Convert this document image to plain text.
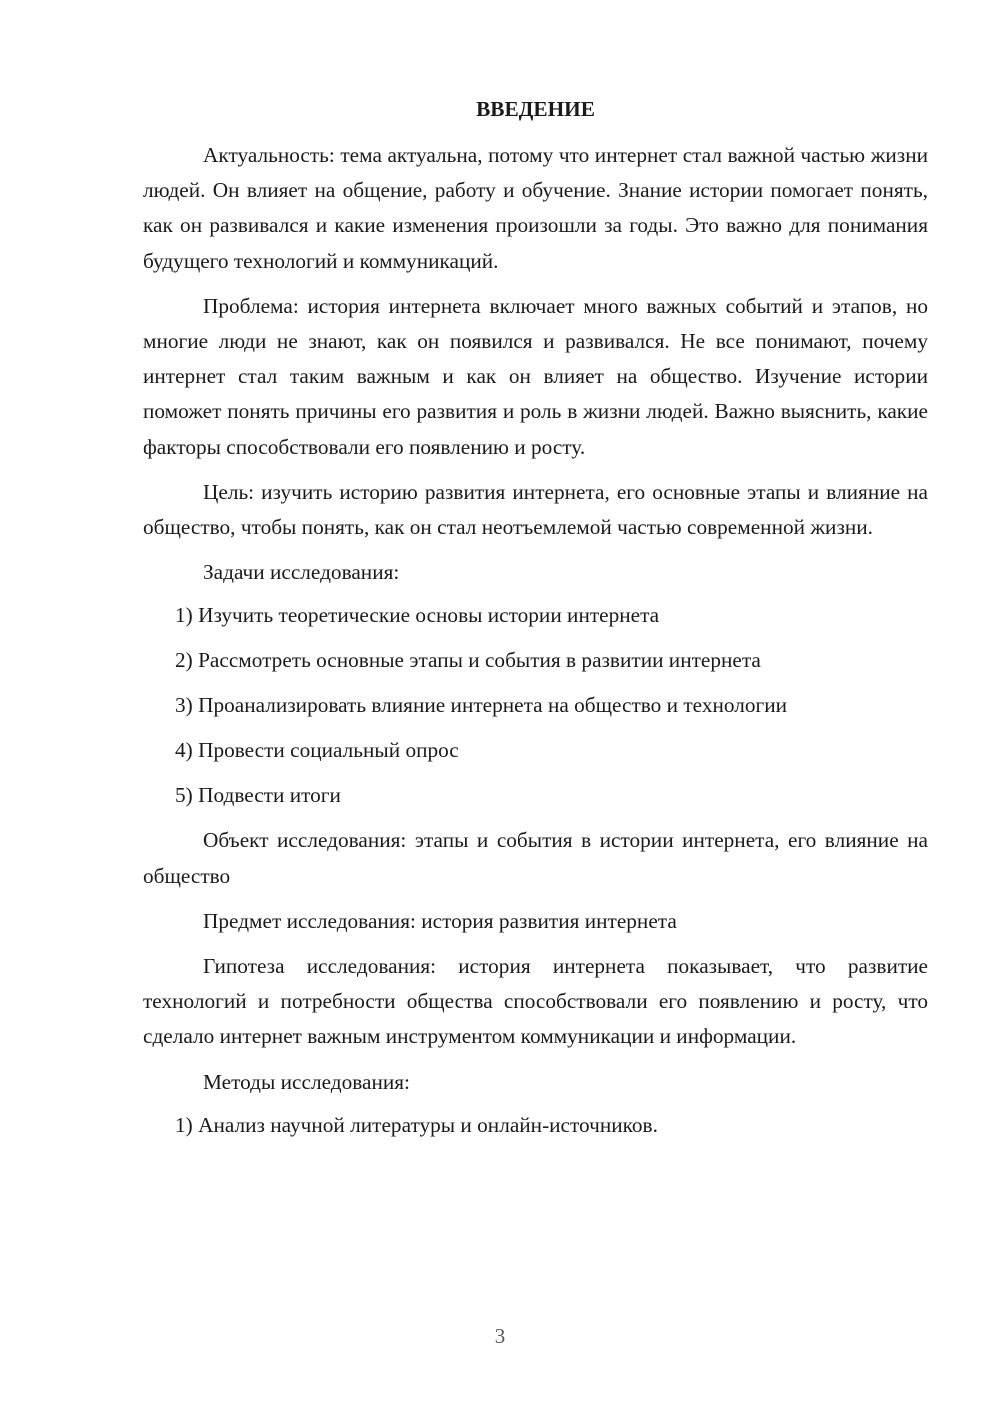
ВВЕДЕНИЕ

Актуальность: тема актуальна, потому что интернет стал важной частью жизни людей. Он влияет на общение, работу и обучение. Знание истории помогает понять, как он развивался и какие изменения произошли за годы. Это важно для понимания будущего технологий и коммуникаций.

Проблема: история интернета включает много важных событий и этапов, но многие люди не знают, как он появился и развивался. Не все понимают, почему интернет стал таким важным и как он влияет на общество. Изучение истории поможет понять причины его развития и роль в жизни людей. Важно выяснить, какие факторы способствовали его появлению и росту.

Цель: изучить историю развития интернета, его основные этапы и влияние на общество, чтобы понять, как он стал неотъемлемой частью современной жизни.

Задачи исследования:

1) Изучить теоретические основы истории интернета
2) Рассмотреть основные этапы и события в развитии интернета
3) Проанализировать влияние интернета на общество и технологии
4) Провести социальный опрос
5) Подвести итоги

Объект исследования: этапы и события в истории интернета, его влияние на общество

Предмет исследования: история развития интернета

Гипотеза исследования: история интернета показывает, что развитие технологий и потребности общества способствовали его появлению и росту, что сделало интернет важным инструментом коммуникации и информации.

Методы исследования:

1) Анализ научной литературы и онлайн-источников.
3
